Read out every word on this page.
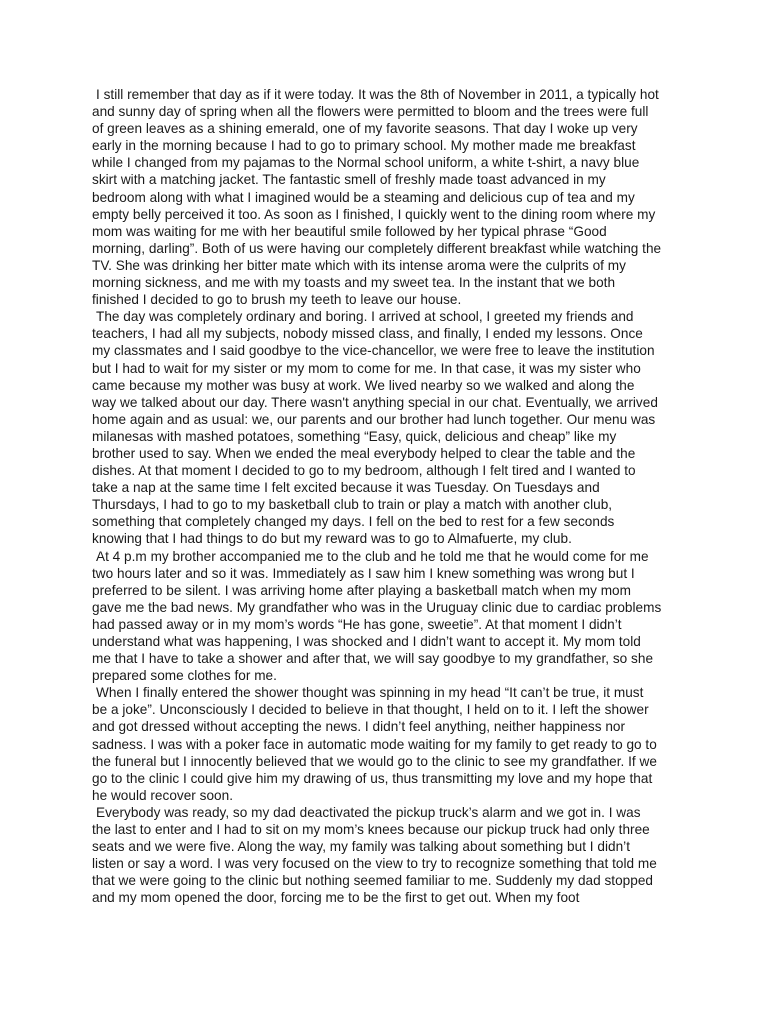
I still remember that day as if it were today. It was the 8th of November in 2011, a typically hot and sunny day of spring when all the flowers were permitted to bloom and the trees were full of green leaves as a shining emerald, one of my favorite seasons. That day I woke up very early in the morning because I had to go to primary school. My mother made me breakfast while I changed from my pajamas to the Normal school uniform, a white t-shirt, a navy blue skirt with a matching jacket. The fantastic smell of freshly made toast advanced in my bedroom along with what I imagined would be a steaming and delicious cup of tea and my empty belly perceived it too. As soon as I finished, I quickly went to the dining room where my mom was waiting for me with her beautiful smile followed by her typical phrase “Good morning, darling”. Both of us were having our completely different breakfast while watching the TV. She was drinking her bitter mate which with its intense aroma were the culprits of my morning sickness, and me with my toasts and my sweet tea. In the instant that we both finished I decided to go to brush my teeth to leave our house.

The day was completely ordinary and boring. I arrived at school, I greeted my friends and teachers, I had all my subjects, nobody missed class, and finally, I ended my lessons. Once my classmates and I said goodbye to the vice-chancellor, we were free to leave the institution but I had to wait for my sister or my mom to come for me. In that case, it was my sister who came because my mother was busy at work. We lived nearby so we walked and along the way we talked about our day. There wasn't anything special in our chat. Eventually, we arrived home again and as usual: we, our parents and our brother had lunch together. Our menu was milanesas with mashed potatoes, something “Easy, quick, delicious and cheap” like my brother used to say. When we ended the meal everybody helped to clear the table and the dishes. At that moment I decided to go to my bedroom, although I felt tired and I wanted to take a nap at the same time I felt excited because it was Tuesday. On Tuesdays and Thursdays, I had to go to my basketball club to train or play a match with another club, something that completely changed my days. I fell on the bed to rest for a few seconds knowing that I had things to do but my reward was to go to Almafuerte, my club.

At 4 p.m my brother accompanied me to the club and he told me that he would come for me two hours later and so it was. Immediately as I saw him I knew something was wrong but I preferred to be silent. I was arriving home after playing a basketball match when my mom gave me the bad news. My grandfather who was in the Uruguay clinic due to cardiac problems had passed away or in my mom’s words “He has gone, sweetie”. At that moment I didn’t understand what was happening, I was shocked and I didn’t want to accept it. My mom told me that I have to take a shower and after that, we will say goodbye to my grandfather, so she prepared some clothes for me.

When I finally entered the shower thought was spinning in my head “It can’t be true, it must be a joke”. Unconsciously I decided to believe in that thought, I held on to it. I left the shower and got dressed without accepting the news. I didn’t feel anything, neither happiness nor sadness. I was with a poker face in automatic mode waiting for my family to get ready to go to the funeral but I innocently believed that we would go to the clinic to see my grandfather. If we go to the clinic I could give him my drawing of us, thus transmitting my love and my hope that he would recover soon.

Everybody was ready, so my dad deactivated the pickup truck’s alarm and we got in. I was the last to enter and I had to sit on my mom’s knees because our pickup truck had only three seats and we were five. Along the way, my family was talking about something but I didn’t listen or say a word. I was very focused on the view to try to recognize something that told me that we were going to the clinic but nothing seemed familiar to me. Suddenly my dad stopped and my mom opened the door, forcing me to be the first to get out. When my foot
